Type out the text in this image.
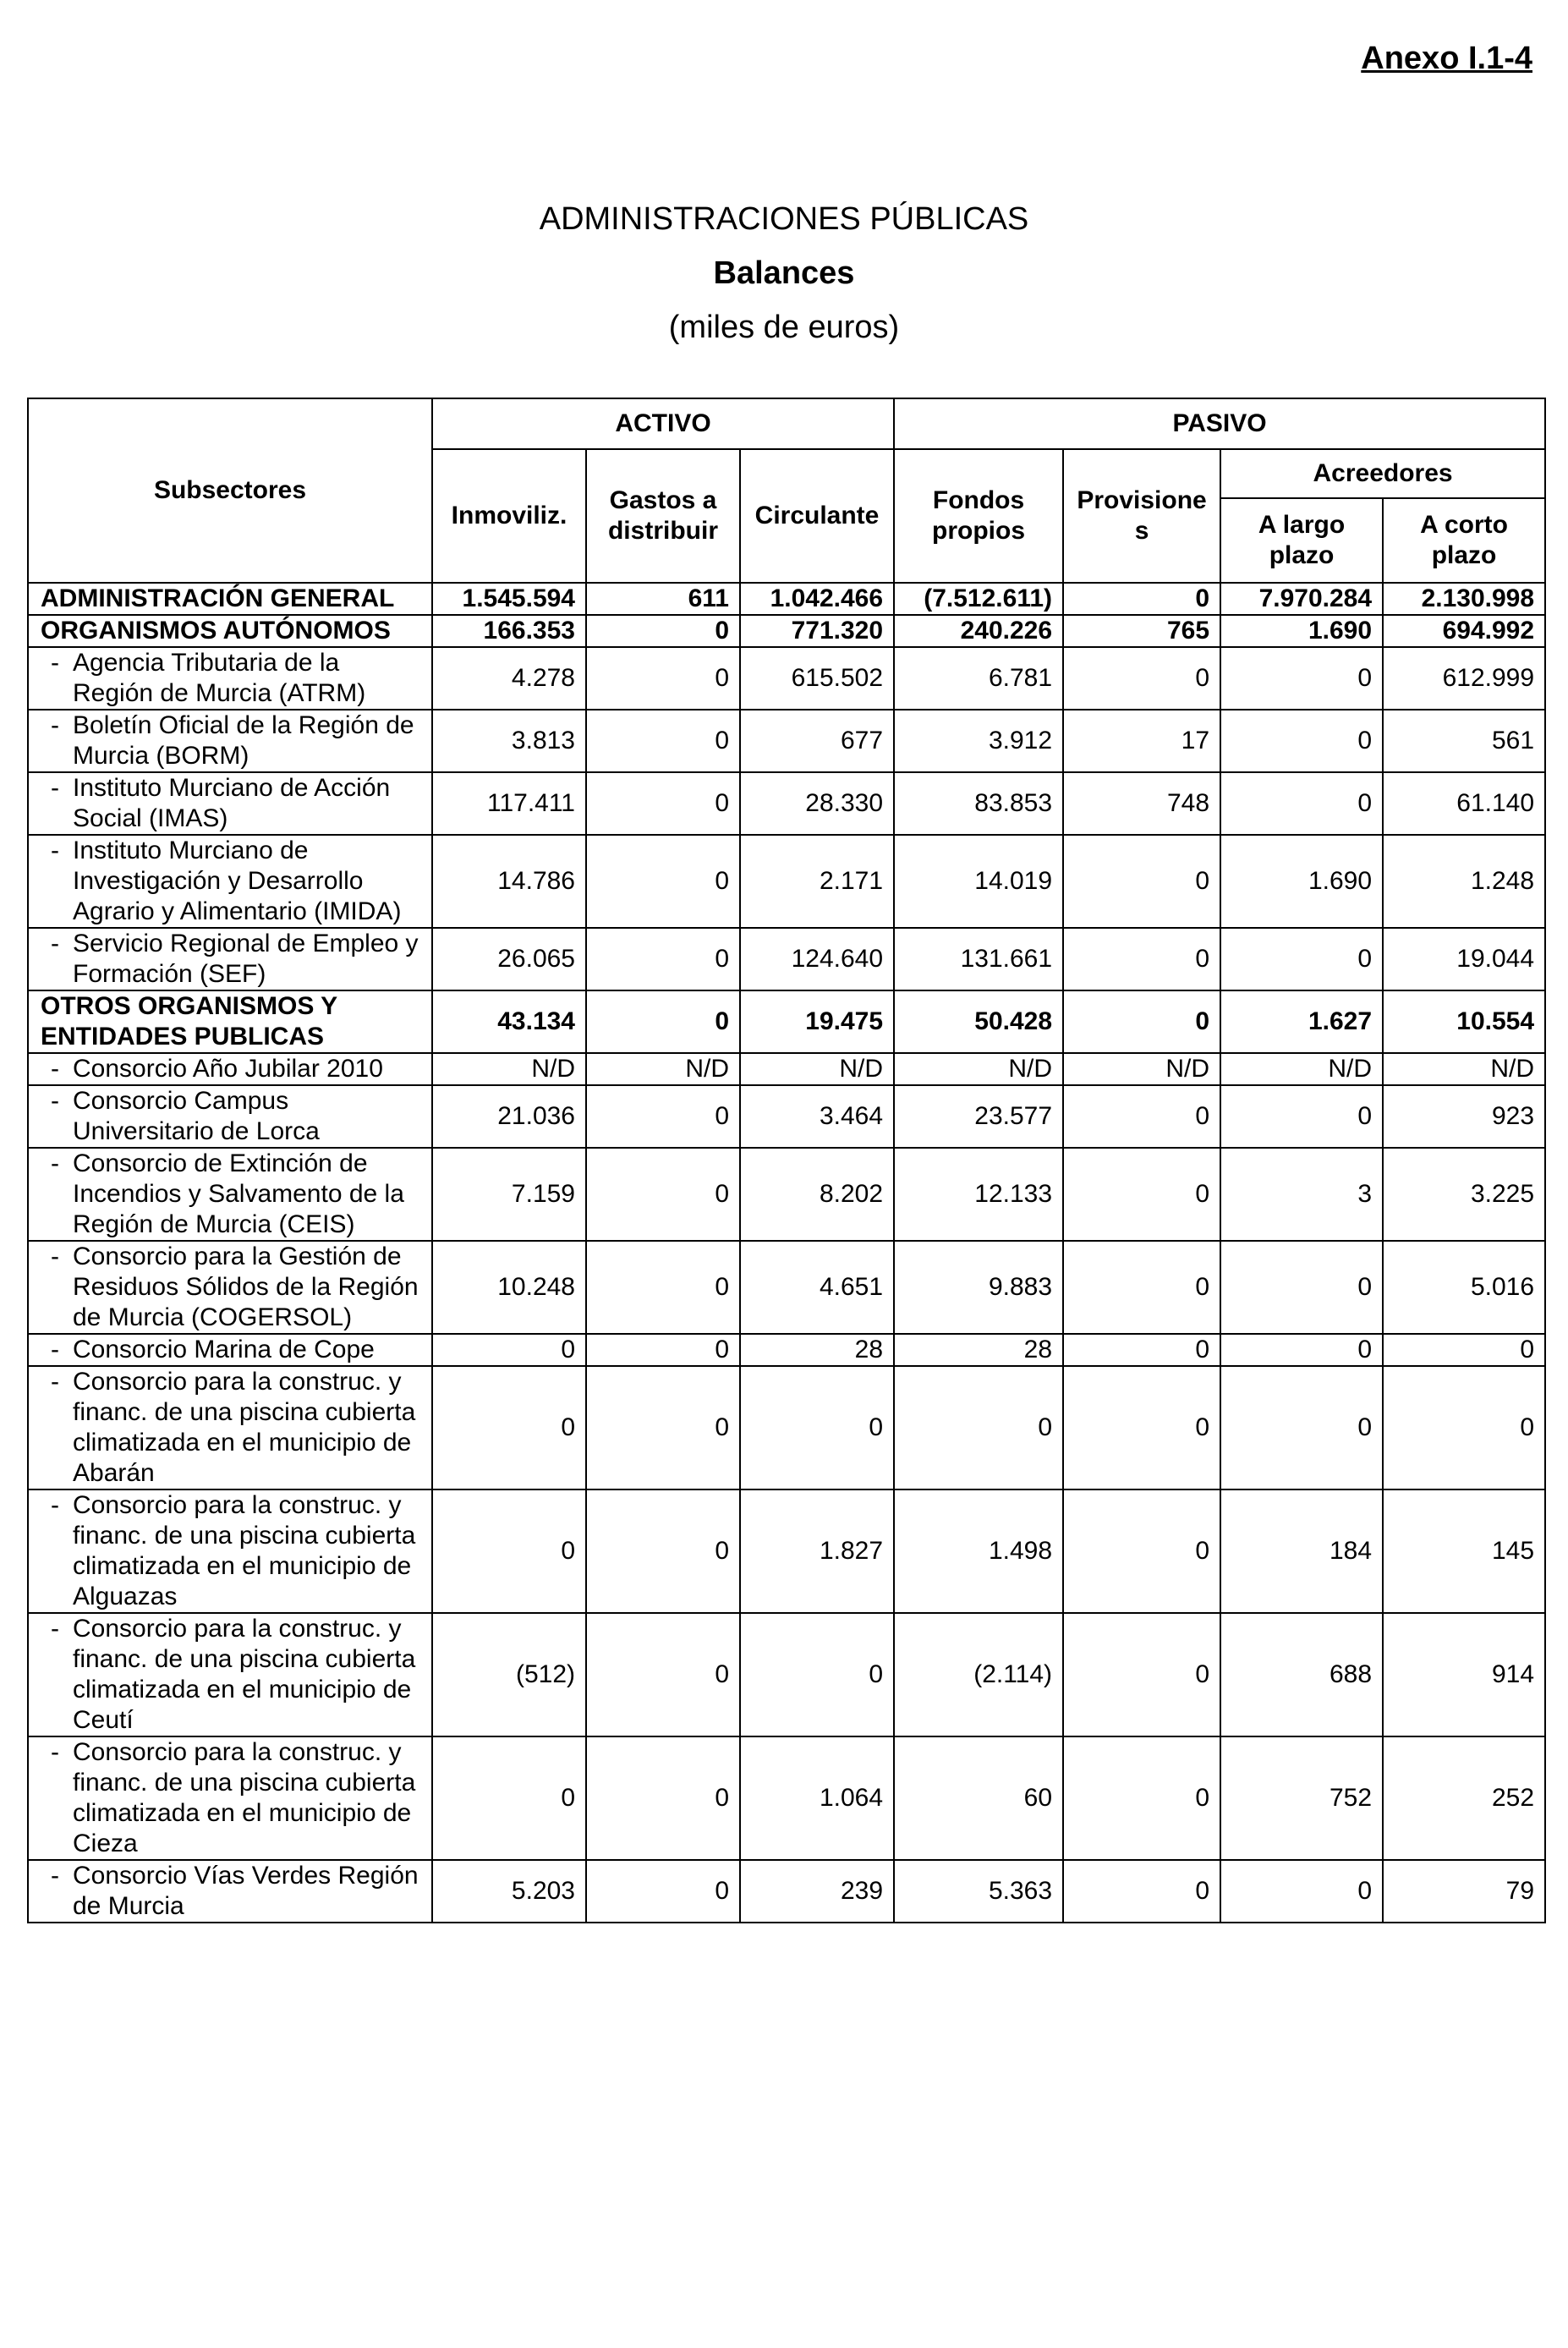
Anexo I.1-4
ADMINISTRACIONES PÚBLICAS
Balances
(miles de euros)
Subsectores	ACTIVO			PASIVO			
	Inmoviliz.	Gastos a distribuir	Circulante	Fondos propios	Provisione s	Acreedores	
						A largo plazo	A corto plazo
ADMINISTRACIÓN GENERAL	1.545.594	611	1.042.466	(7.512.611)	0	7.970.284	2.130.998
ORGANISMOS AUTÓNOMOS	166.353	0	771.320	240.226	765	1.690	694.992

- Agencia Tributaria de la Región de Murcia (ATRM)	4.278	0	615.502	6.781	0	0	612.999

- Boletín Oficial de la Región de Murcia (BORM)	3.813	0	677	3.912	17	0	561

- Instituto Murciano de Acción Social (IMAS)	117.411	0	28.330	83.853	748	0	61.140

- Instituto Murciano de Investigación y Desarrollo Agrario y Alimentario (IMIDA)	14.786	0	2.171	14.019	0	1.690	1.248

- Servicio Regional de Empleo y Formación (SEF)	26.065	0	124.640	131.661	0	0	19.044
OTROS ORGANISMOS Y ENTIDADES PUBLICAS	43.134	0	19.475	50.428	0	1.627	10.554

- Consorcio Año Jubilar 2010	N/D	N/D	N/D	N/D	N/D	N/D	N/D

- Consorcio Campus Universitario de Lorca	21.036	0	3.464	23.577	0	0	923

- Consorcio de Extinción de Incendios y Salvamento de la Región de Murcia (CEIS)	7.159	0	8.202	12.133	0	3	3.225

- Consorcio para la Gestión de Residuos Sólidos de la Región de Murcia (COGERSOL)	10.248	0	4.651	9.883	0	0	5.016

- Consorcio Marina de Cope	0	0	28	28	0	0	0

- Consorcio para la construc. y financ. de una piscina cubierta climatizada en el municipio de Abarán	0	0	0	0	0	0	0

- Consorcio para la construc. y financ. de una piscina cubierta climatizada en el municipio de Alguazas	0	0	1.827	1.498	0	184	145

- Consorcio para la construc. y financ. de una piscina cubierta climatizada en el municipio de Ceutí	(512)	0	0	(2.114)	0	688	914

- Consorcio para la construc. y financ. de una piscina cubierta climatizada en el municipio de Cieza	0	0	1.064	60	0	752	252

- Consorcio Vías Verdes Región de Murcia	5.203	0	239	5.363	0	0	79
